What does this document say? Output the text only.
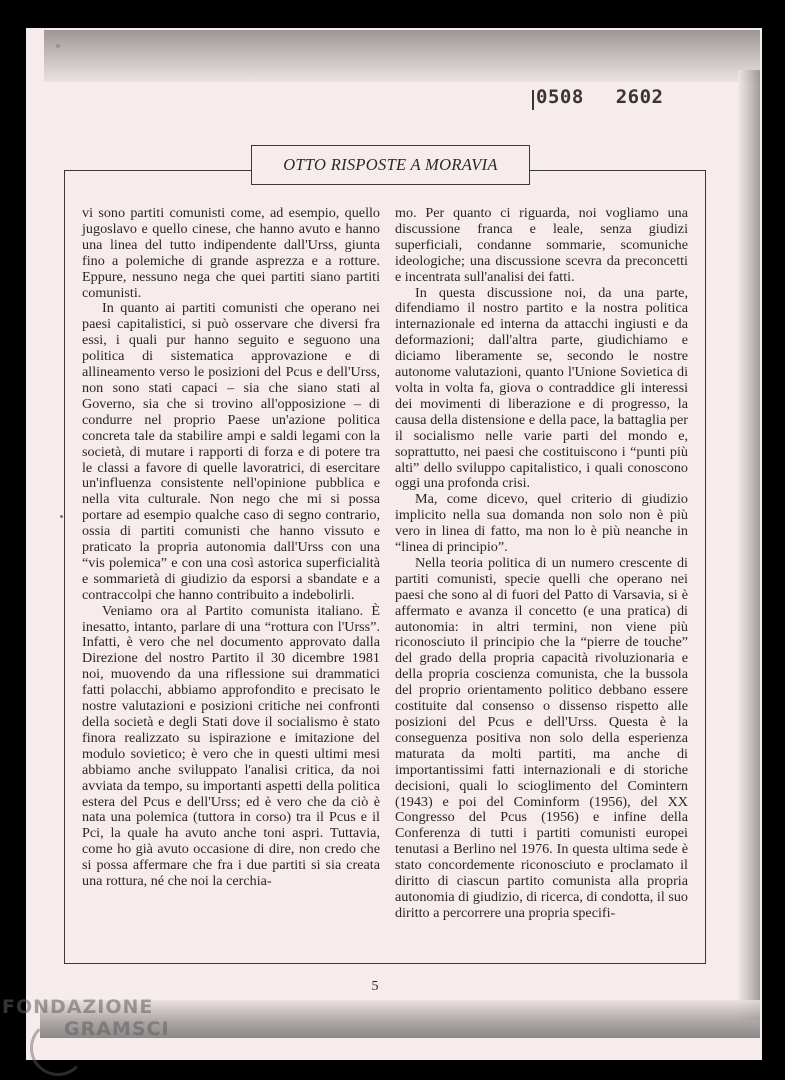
0508 2602
OTTO RISPOSTE A MORAVIA

vi sono partiti comunisti come, ad esempio, quello jugoslavo e quello cinese, che hanno avuto e hanno una linea del tutto indipendente dall'Urss, giunta fino a polemiche di grande asprezza e a rotture. Eppure, nessuno nega che quei partiti siano partiti comunisti.

In quanto ai partiti comunisti che operano nei paesi capitalistici, si può osservare che diversi fra essi, i quali pur hanno seguito e seguono una politica di sistematica approvazione e di allineamento verso le posizioni del Pcus e dell'Urss, non sono stati capaci – sia che siano stati al Governo, sia che si trovino all'opposizione – di condurre nel proprio Paese un'azione politica concreta tale da stabilire ampi e saldi legami con la società, di mutare i rapporti di forza e di potere tra le classi a favore di quelle lavoratrici, di esercitare un'influenza consistente nell'opinione pubblica e nella vita culturale. Non nego che mi si possa portare ad esempio qualche caso di segno contrario, ossia di partiti comunisti che hanno vissuto e praticato la propria autonomia dall'Urss con una “vis polemica” e con una così astorica superficialità e sommarietà di giudizio da esporsi a sbandate e a contraccolpi che hanno contribuito a indebolirli.

Veniamo ora al Partito comunista italiano. È inesatto, intanto, parlare di una “rottura con l'Urss”. Infatti, è vero che nel documento approvato dalla Direzione del nostro Partito il 30 dicembre 1981 noi, muovendo da una riflessione sui drammatici fatti polacchi, abbiamo approfondito e precisato le nostre valutazioni e posizioni critiche nei confronti della società e degli Stati dove il socialismo è stato finora realizzato su ispirazione e imitazione del modulo sovietico; è vero che in questi ultimi mesi abbiamo anche sviluppato l'analisi critica, da noi avviata da tempo, su importanti aspetti della politica estera del Pcus e dell'Urss; ed è vero che da ciò è nata una polemica (tuttora in corso) tra il Pcus e il Pci, la quale ha avuto anche toni aspri. Tuttavia, come ho già avuto occasione di dire, non credo che si possa affermare che fra i due partiti si sia creata una rottura, né che noi la cerchia-

mo. Per quanto ci riguarda, noi vogliamo una discussione franca e leale, senza giudizi superficiali, condanne sommarie, scomuniche ideologiche; una discussione scevra da preconcetti e incentrata sull'analisi dei fatti.

In questa discussione noi, da una parte, difendiamo il nostro partito e la nostra politica internazionale ed interna da attacchi ingiusti e da deformazioni; dall'altra parte, giudichiamo e diciamo liberamente se, secondo le nostre autonome valutazioni, quanto l'Unione Sovietica di volta in volta fa, giova o contraddice gli interessi dei movimenti di liberazione e di progresso, la causa della distensione e della pace, la battaglia per il socialismo nelle varie parti del mondo e, soprattutto, nei paesi che costituiscono i “punti più alti” dello sviluppo capitalistico, i quali conoscono oggi una profonda crisi.

Ma, come dicevo, quel criterio di giudizio implicito nella sua domanda non solo non è più vero in linea di fatto, ma non lo è più neanche in “linea di principio”.

Nella teoria politica di un numero crescente di partiti comunisti, specie quelli che operano nei paesi che sono al di fuori del Patto di Varsavia, si è affermato e avanza il concetto (e una pratica) di autonomia: in altri termini, non viene più riconosciuto il principio che la “pierre de touche” del grado della propria capacità rivoluzionaria e della propria coscienza comunista, che la bussola del proprio orientamento politico debbano essere costituite dal consenso o dissenso rispetto alle posizioni del Pcus e dell'Urss. Questa è la conseguenza positiva non solo della esperienza maturata da molti partiti, ma anche di importantissimi fatti internazionali e di storiche decisioni, quali lo scioglimento del Comintern (1943) e poi del Cominform (1956), del XX Congresso del Pcus (1956) e infine della Conferenza di tutti i partiti comunisti europei tenutasi a Berlino nel 1976. In questa ultima sede è stato concordemente riconosciuto e proclamato il diritto di ciascun partito comunista alla propria autonomia di giudizio, di ricerca, di condotta, il suo diritto a percorrere una propria specifi-

5
FONDAZIONE
GRAMSCI
